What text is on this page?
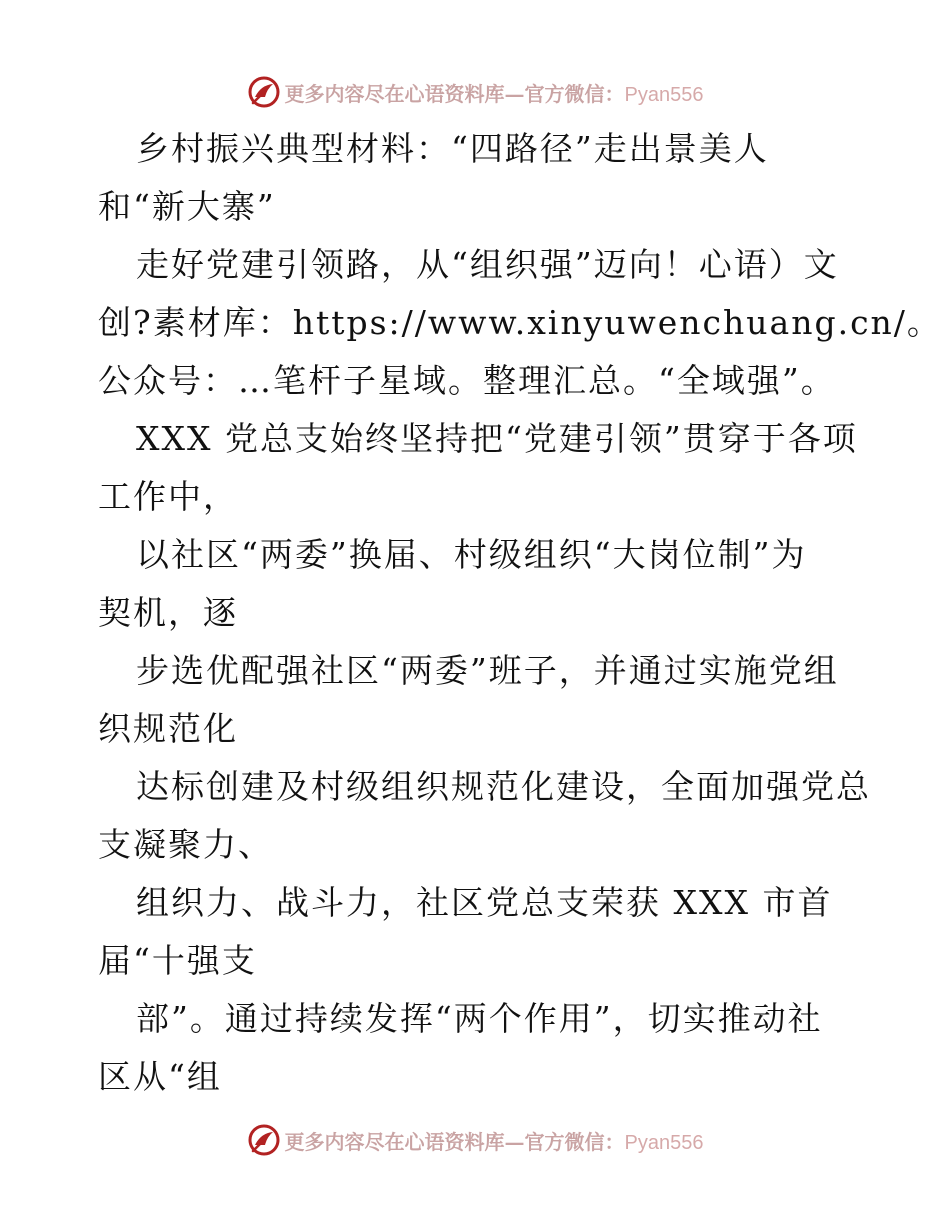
更多内容尽在心语资料库—官方微信：Pyan556
乡村振兴典型材料：“四路径”走出景美人
和“新大寨”
走好党建引领路，从“组织强”迈向！心语）文
创?素材库：https://www.xinyuwenchuang.cn/。
公众号：…笔杆子星域。整理汇总。“全域强”。
XXX 党总支始终坚持把“党建引领”贯穿于各项
工作中，
以社区“两委”换届、村级组织“大岗位制”为
契机，逐
步选优配强社区“两委”班子，并通过实施党组
织规范化
达标创建及村级组织规范化建设，全面加强党总
支凝聚力、
组织力、战斗力，社区党总支荣获 XXX 市首
届“十强支
部”。通过持续发挥“两个作用”，切实推动社
区从“组
更多内容尽在心语资料库—官方微信：Pyan556
